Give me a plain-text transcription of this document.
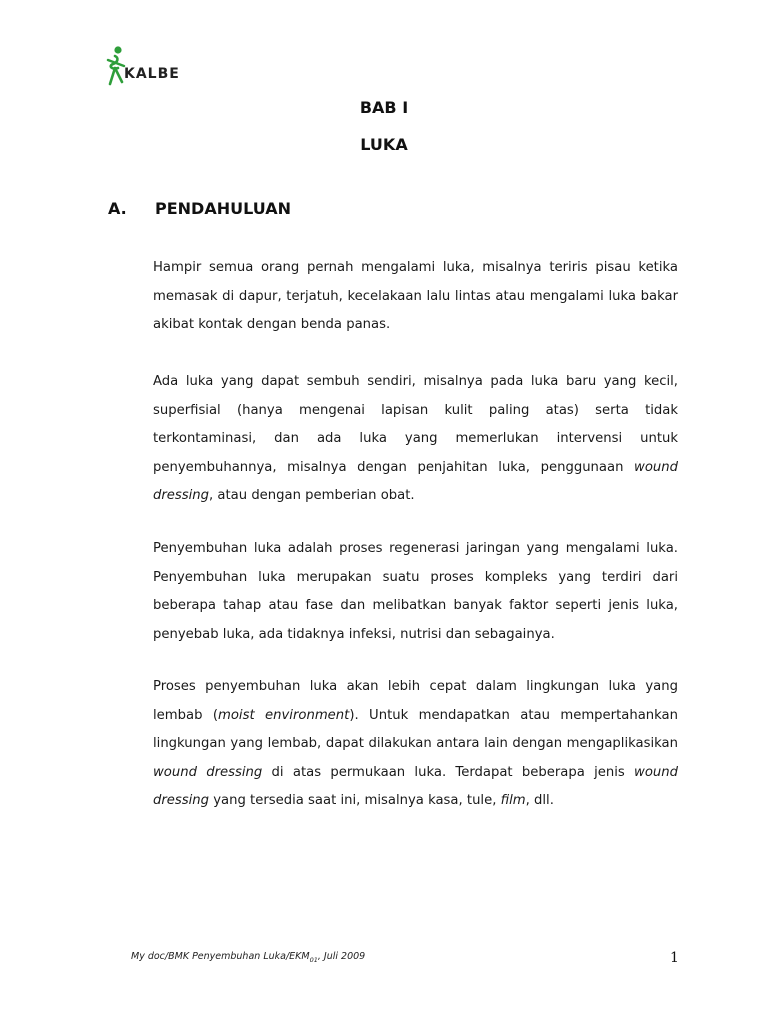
KALBE
BAB I
LUKA
A. PENDAHULUAN

Hampir semua orang pernah mengalami luka, misalnya teriris pisau ketika memasak di dapur, terjatuh, kecelakaan lalu lintas atau mengalami luka bakar akibat kontak dengan benda panas.

Ada luka yang dapat sembuh sendiri, misalnya pada luka baru yang kecil, superfisial (hanya mengenai lapisan kulit paling atas) serta tidak terkontaminasi, dan ada luka yang memerlukan intervensi untuk penyembuhannya, misalnya dengan penjahitan luka, penggunaan wound dressing, atau dengan pemberian obat.

Penyembuhan luka adalah proses regenerasi jaringan yang mengalami luka. Penyembuhan luka merupakan suatu proses kompleks yang terdiri dari beberapa tahap atau fase dan melibatkan banyak faktor seperti jenis luka, penyebab luka, ada tidaknya infeksi, nutrisi dan sebagainya.

Proses penyembuhan luka akan lebih cepat dalam lingkungan luka yang lembab (moist environment). Untuk mendapatkan atau mempertahankan lingkungan yang lembab, dapat dilakukan antara lain dengan mengaplikasikan wound dressing di atas permukaan luka. Terdapat beberapa jenis wound dressing yang tersedia saat ini, misalnya kasa, tule, film, dll.

My doc/BMK Penyembuhan Luka/$EKM_{01}$, Juli 2009	1
